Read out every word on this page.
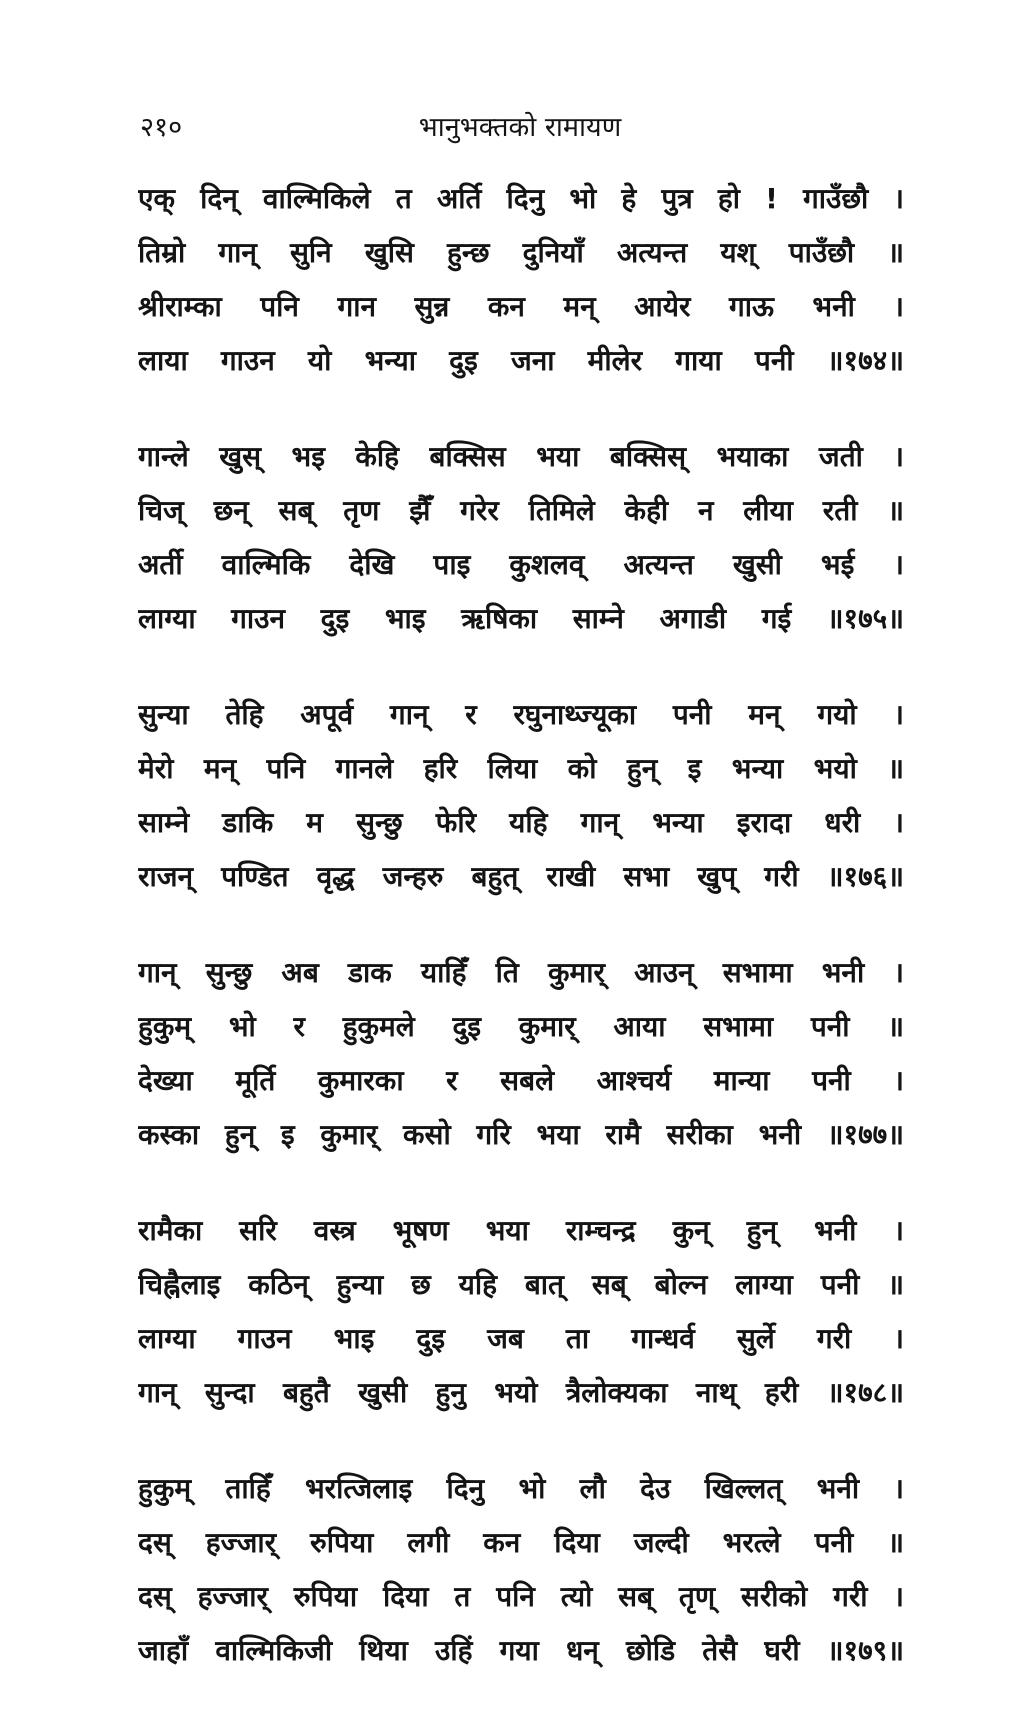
२१०	भानुभक्तको रामायण
एक् दिन् वाल्मिकिले त अर्ति दिनु भो हे पुत्र हो ! गाउँछौ ।
तिम्रो गान् सुनि खुसि हुन्छ दुनियाँ अत्यन्त यश् पाउँछौ ॥
श्रीराम्का पनि गान सुन्न कन मन् आयेर गाऊ भनी ।
लाया गाउन यो भन्या दुइ जना मीलेर गाया पनी ॥१७४॥
गान्ले खुस् भइ केहि बक्सिस भया बक्सिस् भयाका जती ।
चिज् छन् सब् तृण झैँ गरेर तिमिले केही न लीया रती ॥
अर्ती वाल्मिकि देखि पाइ कुशलव् अत्यन्त खुसी भई ।
लाग्या गाउन दुइ भाइ ऋषिका साम्ने अगाडी गई ॥१७५॥
सुन्या तेहि अपूर्व गान् र रघुनाथ्ज्यूका पनी मन् गयो ।
मेरो मन् पनि गानले हरि लिया को हुन् इ भन्या भयो ॥
साम्ने डाकि म सुन्छु फेरि यहि गान् भन्या इरादा धरी ।
राजन् पण्डित वृद्ध जन्हरु बहुत् राखी सभा खुप् गरी ॥१७६॥
गान् सुन्छु अब डाक याहिँ ति कुमार् आउन् सभामा भनी ।
हुकुम् भो र हुकुमले दुइ कुमार् आया सभामा पनी ॥
देख्या मूर्ति कुमारका र सबले आश्चर्य मान्या पनी ।
कस्का हुन् इ कुमार् कसो गरि भया रामै सरीका भनी ॥१७७॥
रामैका सरि वस्त्र भूषण भया राम्चन्द्र कुन् हुन् भनी ।
चिह्नैलाइ कठिन् हुन्या छ यहि बात् सब् बोल्न लाग्या पनी ॥
लाग्या गाउन भाइ दुइ जब ता गान्धर्व सुर्ले गरी ।
गान् सुन्दा बहुतै खुसी हुनु भयो त्रैलोक्यका नाथ् हरी ॥१७८॥
हुकुम् ताहिँ भरत्जिलाइ दिनु भो लौ देउ खिल्लत् भनी ।
दस् हज्जार् रुपिया लगी कन दिया जल्दी भरत्ले पनी ॥
दस् हज्जार् रुपिया दिया त पनि त्यो सब् तृण् सरीको गरी ।
जाहाँ वाल्मिकिजी थिया उहिं गया धन् छोडि तेसै घरी ॥१७९॥
